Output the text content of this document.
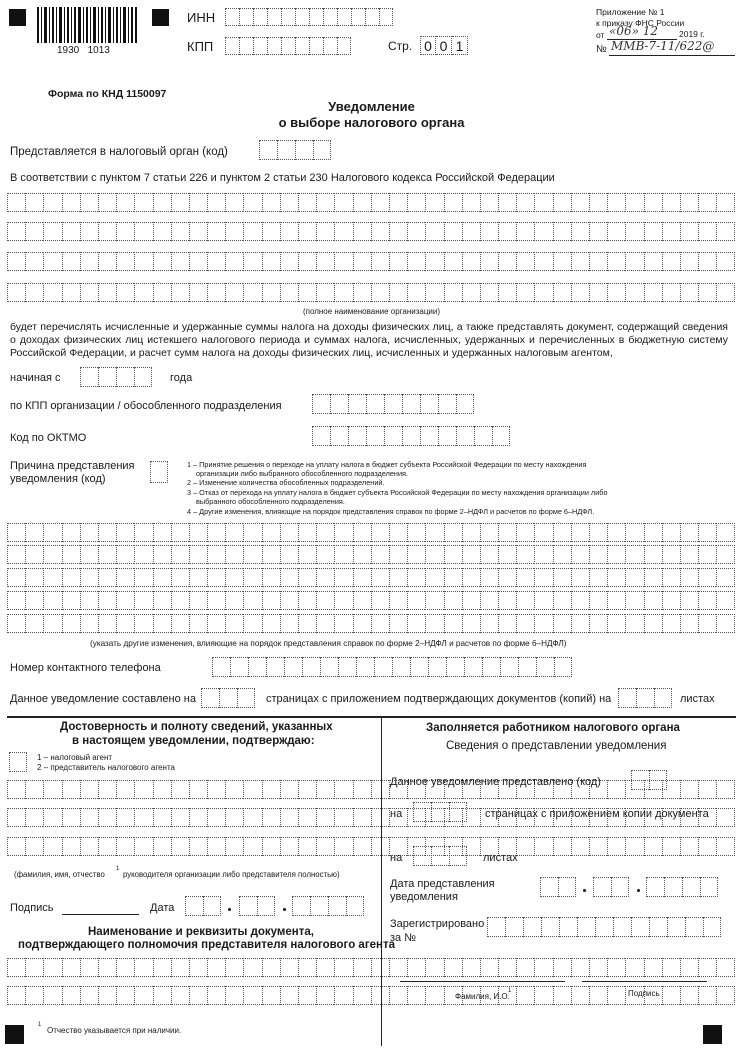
1930   1013
ИНН
КПП	Стр. 0 0 1
Приложение № 1
к приказу ФНС России
от «06» 12 2019 г.
№ ММВ-7-11/622@
Форма по КНД 1150097
Уведомление
о выборе налогового органа
Представляется в налоговый орган (код)
В соответствии с пунктом 7 статьи 226 и пунктом 2 статьи 230 Налогового кодекса Российской Федерации
(полное наименование организации)
будет перечислять исчисленные и удержанные суммы налога на доходы физических лиц, а также представлять документ, содержащий сведения о доходах физических лиц истекшего налогового периода и суммах налога, исчисленных, удержанных и перечисленных в бюджетную систему Российской Федерации, и расчет сумм налога на доходы физических лиц, исчисленных и удержанных налоговым агентом,
начиная с	года
по КПП организации / обособленного подразделения
Код по ОКТМО
Причина представления
уведомления (код)
1 – Принятие решения о переходе на уплату налога в бюджет субъекта Российской Федерации по месту нахождения
организации либо выбранного обособленного подразделения.
2 – Изменение количества обособленных подразделений.
3 – Отказ от перехода на уплату налога в бюджет субъекта Российской Федерации по месту нахождения организации либо
выбранного обособленного подразделения.
4 – Другие изменения, влияющие на порядок представления справок по форме 2–НДФЛ и расчетов по форме 6–НДФЛ.
(указать другие изменения, влияющие на порядок представления справок по форме 2–НДФЛ и расчетов по форме 6–НДФЛ)
Номер контактного телефона
Данное уведомление составлено на	страницах с приложением подтверждающих документов (копий) на	листах
Достоверность и полноту сведений, указанных
в настоящем уведомлении, подтверждаю:
1 – налоговый агент
2 – представитель налогового агента
(фамилия, имя, отчество
1
руководителя организации либо представителя полностью)
Подпись	Дата
Наименование и реквизиты документа,
подтверждающего полномочия представителя налогового агента
1
Отчество указывается при наличии.
Заполняется работником налогового органа
Сведения о представлении уведомления
Данное уведомление представлено (код)
на	страницах с приложением копии документа
на	листах
Дата представления
уведомления
Зарегистрировано
за №
Фамилия, И.О.
1	Подпись
